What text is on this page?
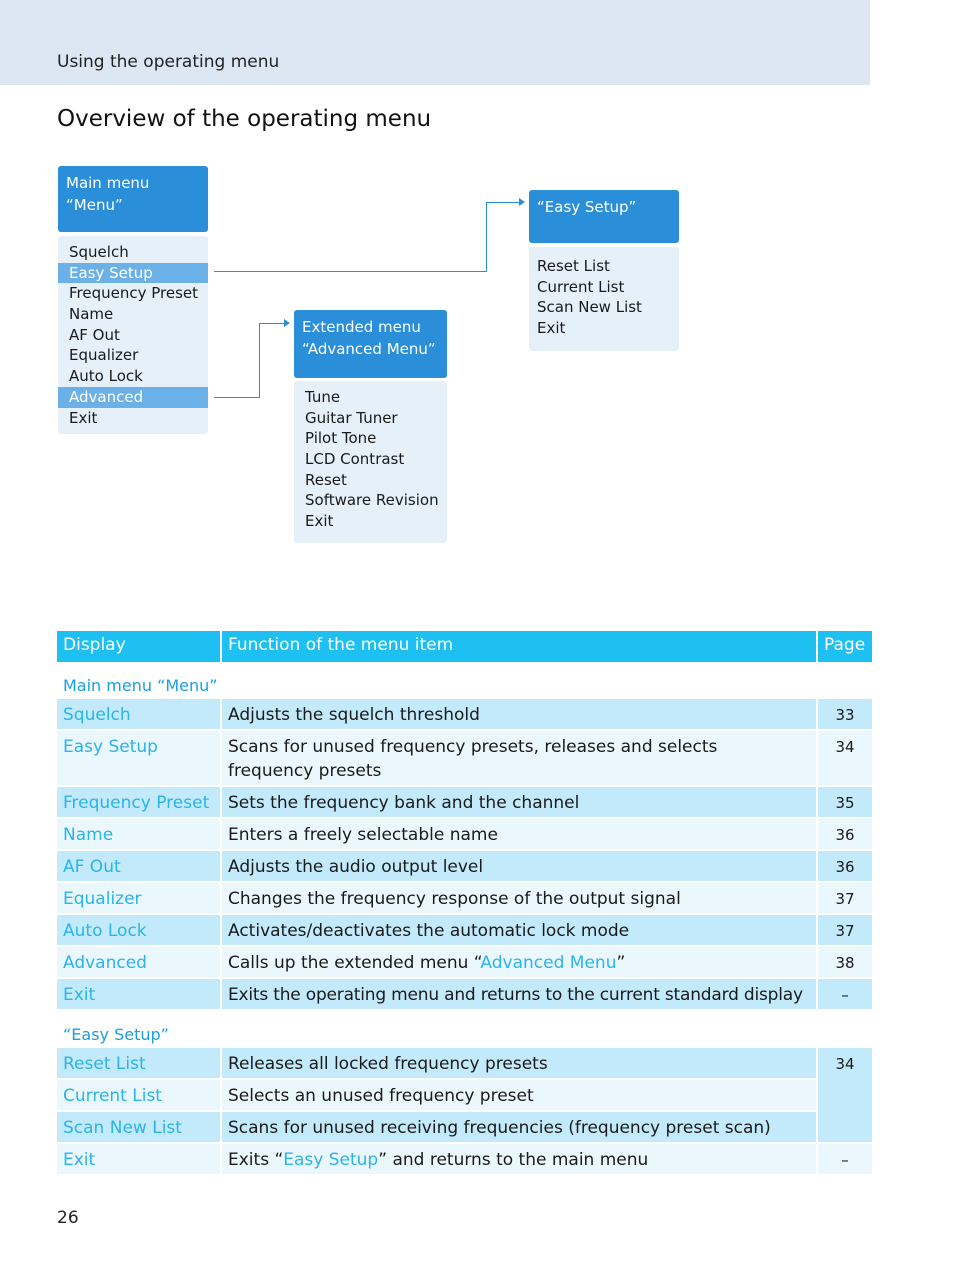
Using the operating menu
Overview of the operating menu
Main menu
“Menu”
Squelch
Easy Setup
Frequency Preset
Name
AF Out
Equalizer
Auto Lock
Advanced
Exit
“Easy Setup”
Reset List
Current List
Scan New List
Exit
Extended menu
“Advanced Menu”
Tune
Guitar Tuner
Pilot Tone
LCD Contrast
Reset
Software Revision
Exit
Display	Function of the menu item	Page
Main menu “Menu”		
Squelch	Adjusts the squelch threshold	33
Easy Setup	Scans for unused frequency presets, releases and selects frequency presets	34
Frequency Preset	Sets the frequency bank and the channel	35
Name	Enters a freely selectable name	36
AF Out	Adjusts the audio output level	36
Equalizer	Changes the frequency response of the output signal	37
Auto Lock	Activates/deactivates the automatic lock mode	37
Advanced	Calls up the extended menu “Advanced Menu”	38
Exit	Exits the operating menu and returns to the current standard display	–
“Easy Setup”		
Reset List	Releases all locked frequency presets	34
Current List	Selects an unused frequency preset	
Scan New List	Scans for unused receiving frequencies (frequency preset scan)	
Exit	Exits “Easy Setup” and returns to the main menu	–
26
